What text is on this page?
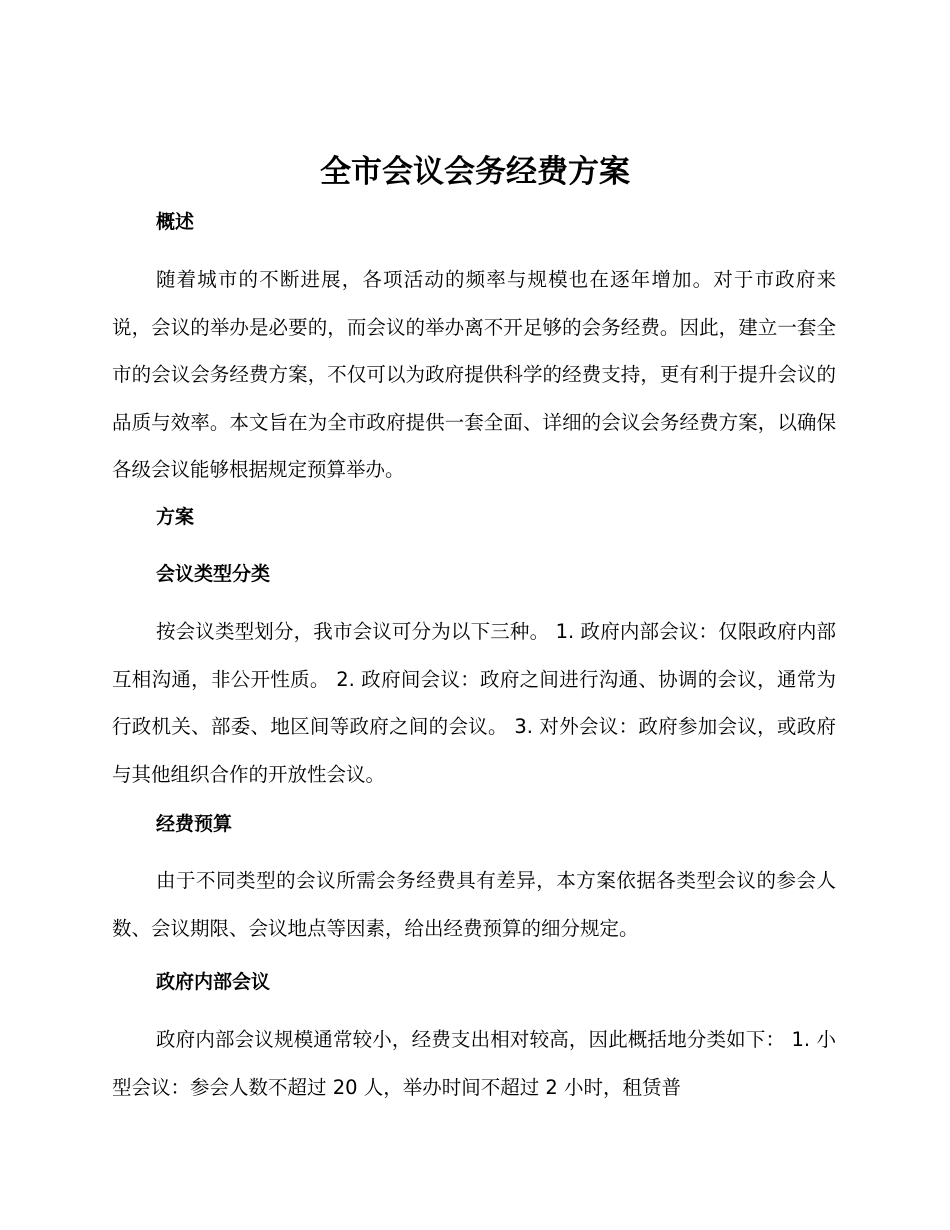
全市会议会务经费方案
概述
随着城市的不断进展，各项活动的频率与规模也在逐年增加。对于市政府来说，会议的举办是必要的，而会议的举办离不开足够的会务经费。因此，建立一套全市的会议会务经费方案，不仅可以为政府提供科学的经费支持，更有利于提升会议的品质与效率。本文旨在为全市政府提供一套全面、详细的会议会务经费方案，以确保各级会议能够根据规定预算举办。
方案
会议类型分类
按会议类型划分，我市会议可分为以下三种。 1. 政府内部会议：仅限政府内部互相沟通，非公开性质。 2. 政府间会议：政府之间进行沟通、协调的会议，通常为行政机关、部委、地区间等政府之间的会议。 3. 对外会议：政府参加会议，或政府与其他组织合作的开放性会议。
经费预算
由于不同类型的会议所需会务经费具有差异，本方案依据各类型会议的参会人数、会议期限、会议地点等因素，给出经费预算的细分规定。
政府内部会议
政府内部会议规模通常较小，经费支出相对较高，因此概括地分类如下： 1. 小型会议：参会人数不超过 20 人，举办时间不超过 2 小时，租赁普
